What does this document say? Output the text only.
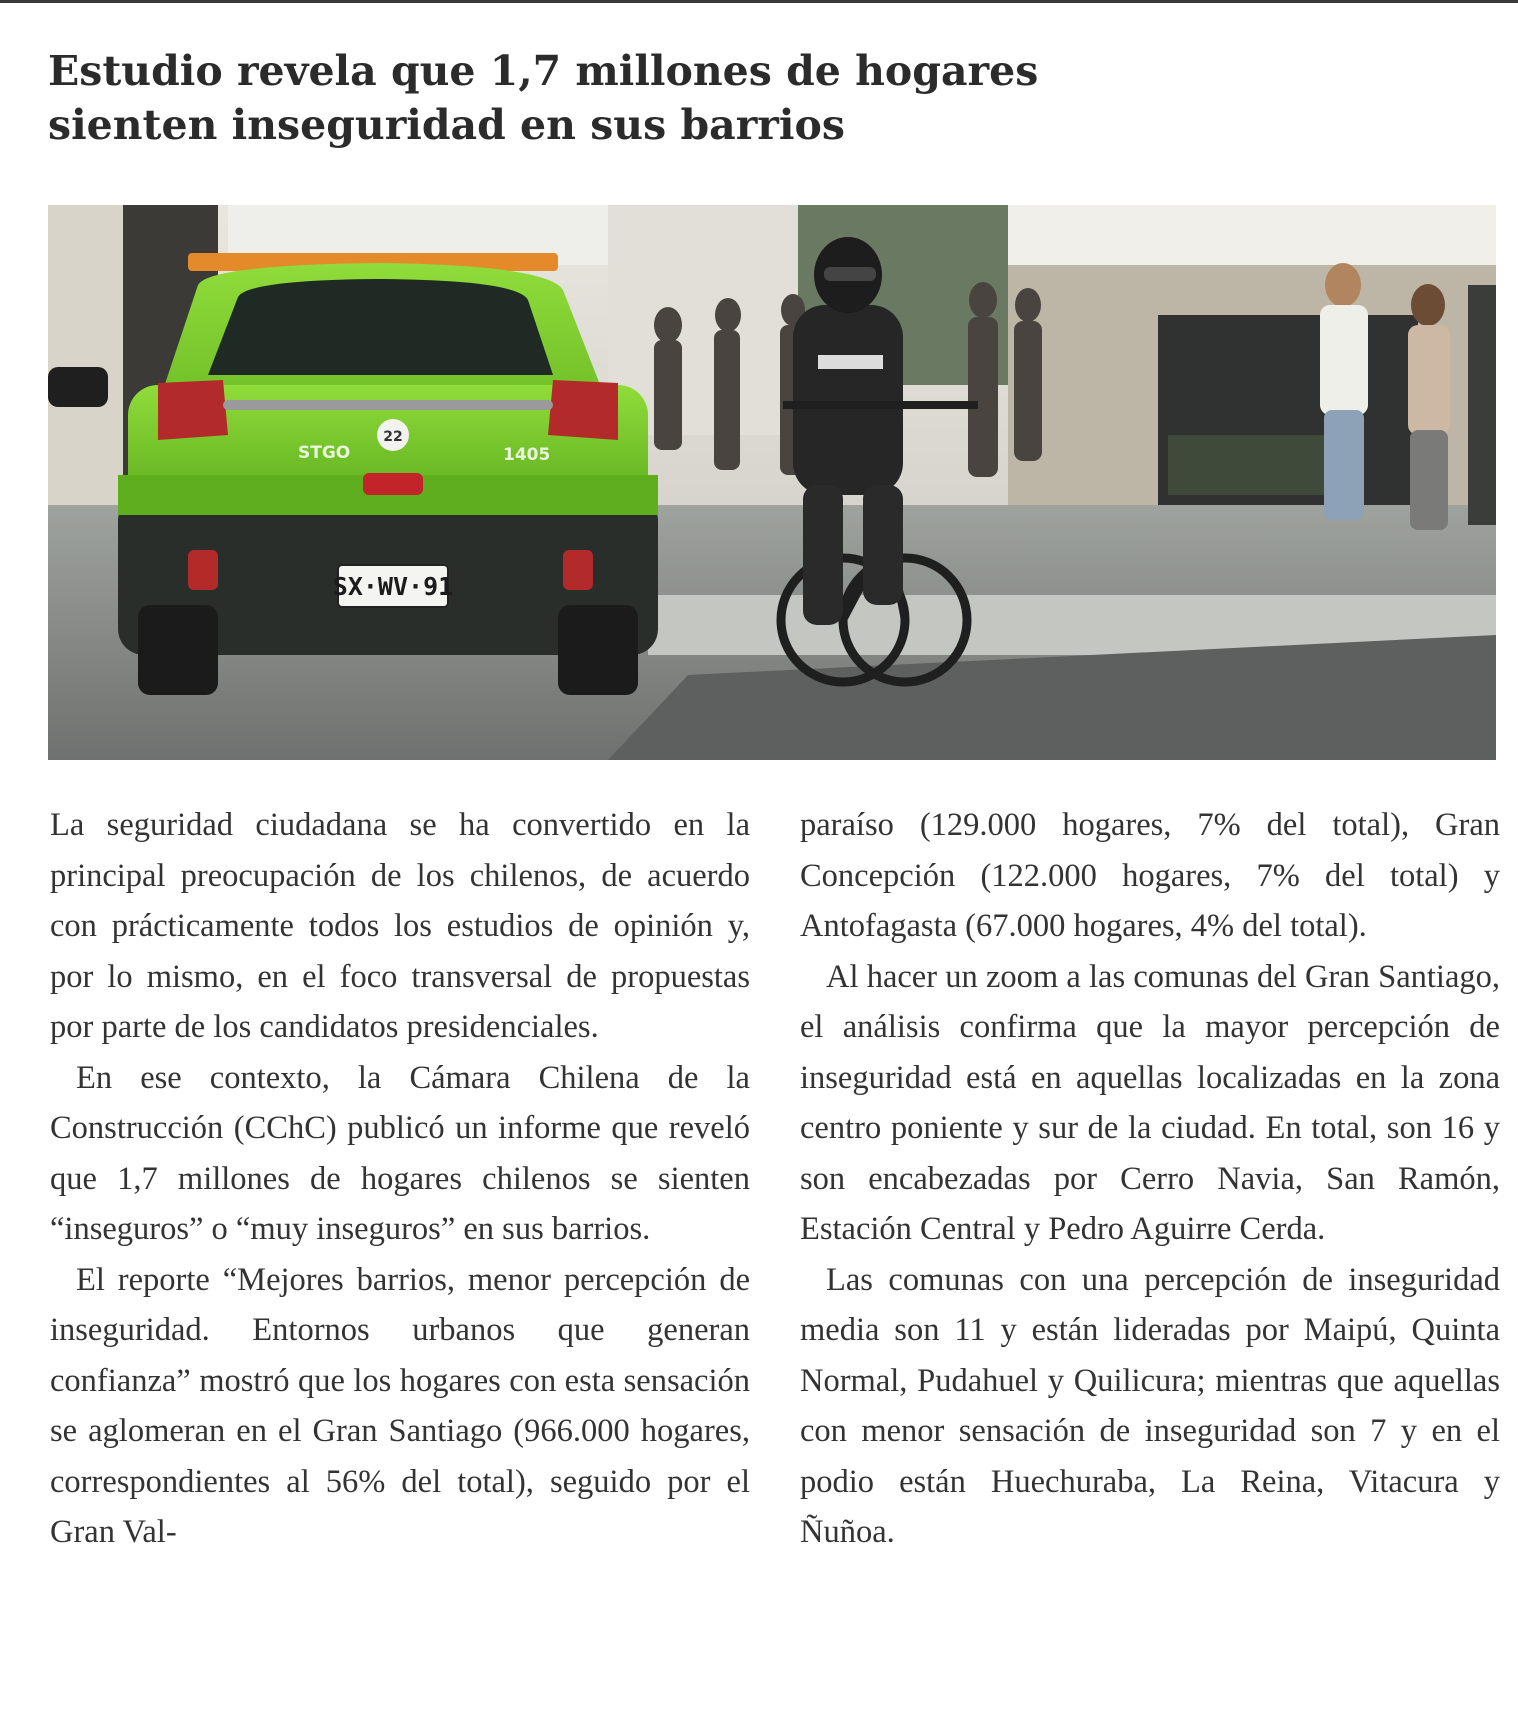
Estudio revela que 1,7 millones de hogares
sienten inseguridad en sus barrios
STGO
22
1405
SX·WV·91

La seguridad ciudadana se ha convertido en la principal preocupación de los chilenos, de acuerdo con prácticamente todos los estudios de opinión y, por lo mismo, en el foco transversal de propuestas por parte de los candidatos presidenciales.

En ese contexto, la Cámara Chilena de la Construcción (CChC) publicó un informe que reveló que 1,7 millones de hogares chilenos se sienten “inseguros” o “muy inseguros” en sus barrios.

El reporte “Mejores barrios, menor percepción de inseguridad. Entornos urbanos que generan confianza” mostró que los hogares con esta sensación se aglomeran en el Gran Santiago (966.000 hogares, correspondientes al 56% del total), seguido por el Gran Val-

paraíso (129.000 hogares, 7% del total), Gran Concepción (122.000 hogares, 7% del total) y Antofagasta (67.000 hogares, 4% del total).

Al hacer un zoom a las comunas del Gran Santiago, el análisis confirma que la mayor percepción de inseguridad está en aquellas localizadas en la zona centro poniente y sur de la ciudad. En total, son 16 y son encabezadas por Cerro Navia, San Ramón, Estación Central y Pedro Aguirre Cerda.

Las comunas con una percepción de inseguridad media son 11 y están lideradas por Maipú, Quinta Normal, Pudahuel y Quilicura; mientras que aquellas con menor sensación de inseguridad son 7 y en el podio están Huechuraba, La Reina, Vitacura y Ñuñoa.
